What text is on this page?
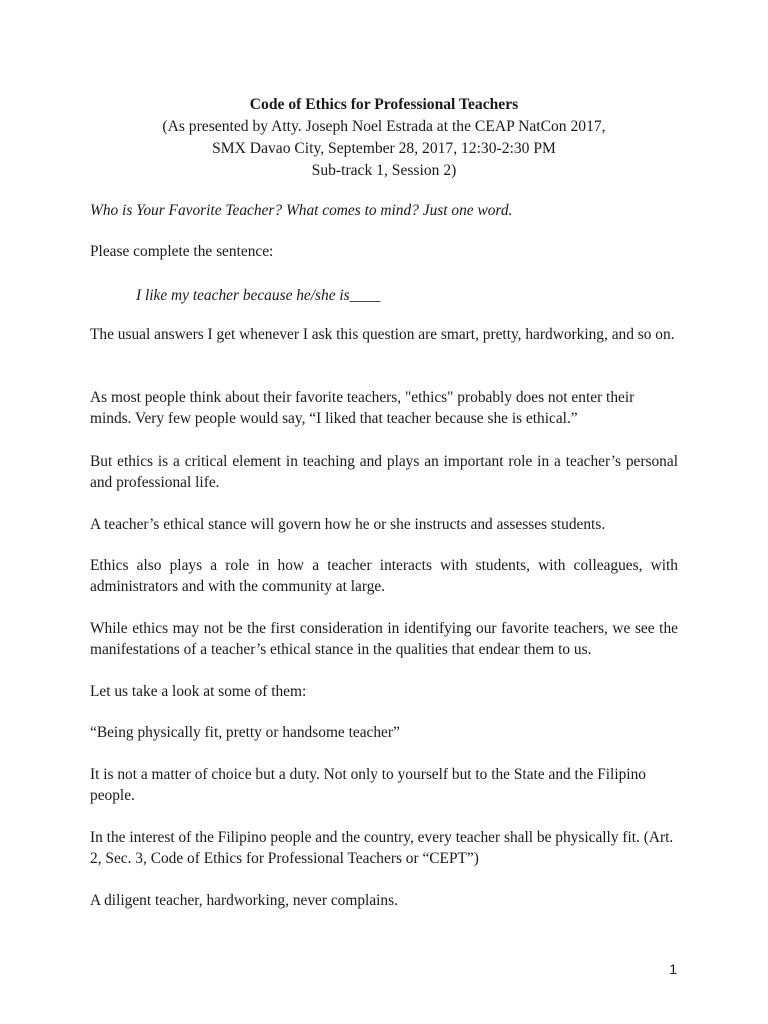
Code of Ethics for Professional Teachers
(As presented by Atty. Joseph Noel Estrada at the CEAP NatCon 2017,
SMX Davao City, September 28, 2017, 12:30-2:30 PM
Sub-track 1, Session 2)

Who is Your Favorite Teacher? What comes to mind? Just one word.

Please complete the sentence:

I like my teacher because he/she is____

The usual answers I get whenever I ask this question are smart, pretty, hardworking, and so on.

As most people think about their favorite teachers, "ethics" probably does not enter their minds. Very few people would say, “I liked that teacher because she is ethical.”

But ethics is a critical element in teaching and plays an important role in a teacher’s personal and professional life.

A teacher’s ethical stance will govern how he or she instructs and assesses students.

Ethics also plays a role in how a teacher interacts with students, with colleagues, with administrators and with the community at large.

While ethics may not be the first consideration in identifying our favorite teachers, we see the manifestations of a teacher’s ethical stance in the qualities that endear them to us.

Let us take a look at some of them:

“Being physically fit, pretty or handsome teacher”

It is not a matter of choice but a duty. Not only to yourself but to the State and the Filipino people.

In the interest of the Filipino people and the country, every teacher shall be physically fit. (Art. 2, Sec. 3, Code of Ethics for Professional Teachers or “CEPT”)

A diligent teacher, hardworking, never complains.

1
